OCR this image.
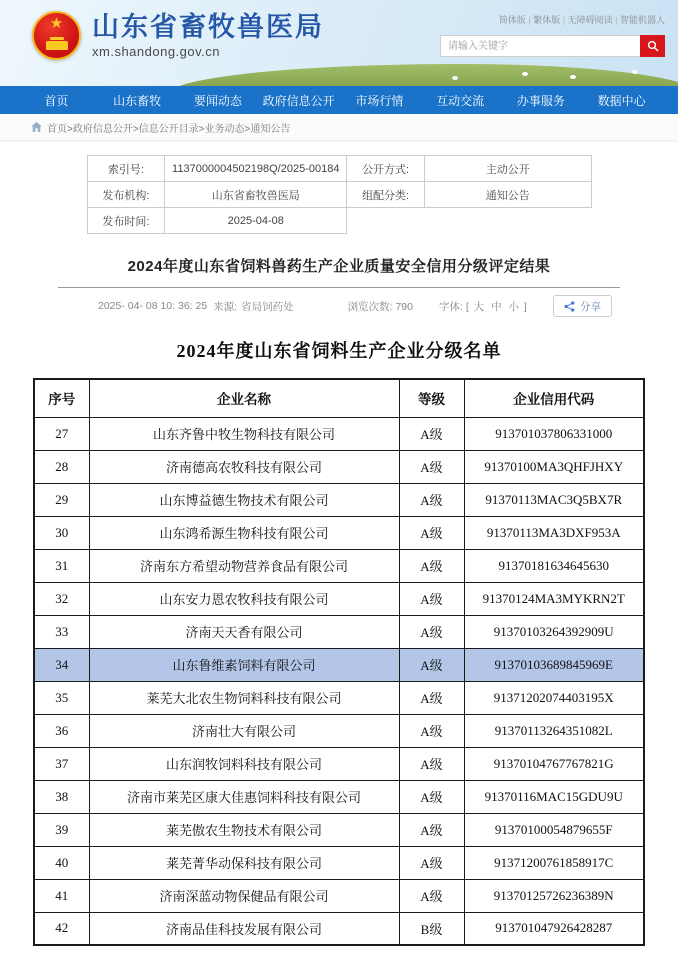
★ 山东省畜牧兽医局
xm.shandong.gov.cn
简体版 | 繁体版 | 无障碍阅读 | 智能机器人
请输入关键字
首页	山东畜牧	要闻动态	政府信息公开	市场行情	互动交流	办事服务	数据中心
首页>政府信息公开>信息公开目录>业务动态>通知公告
索引号:	1137000004502198Q/2025-00184	公开方式:	主动公开
发布机构:	山东省畜牧兽医局	组配分类:	通知公告
发布时间:	2025-04-08		
2024年度山东省饲料兽药生产企业质量安全信用分级评定结果
2025- 04- 08 10: 36: 25 来源: 省局饲药处	浏览次数: 790 字体: [ 大 中 小 ]	分享
2024年度山东省饲料生产企业分级名单
序号	企业名称	等级	企业信用代码
27	山东齐鲁中牧生物科技有限公司	A级	913701037806331000
28	济南德高农牧科技有限公司	A级	91370100MA3QHFJHXY
29	山东博益德生物技术有限公司	A级	91370113MAC3Q5BX7R
30	山东鸿希源生物科技有限公司	A级	91370113MA3DXF953A
31	济南东方希望动物营养食品有限公司	A级	91370181634645630
32	山东安力恩农牧科技有限公司	A级	91370124MA3MYKRN2T
33	济南天天香有限公司	A级	91370103264392909U
34	山东鲁维素饲料有限公司	A级	91370103689845969E
35	莱芜大北农生物饲料科技有限公司	A级	91371202074403195X
36	济南壮大有限公司	A级	91370113264351082L
37	山东润牧饲料科技有限公司	A级	91370104767767821G
38	济南市莱芜区康大佳惠饲料科技有限公司	A级	91370116MAC15GDU9U
39	莱芜傲农生物技术有限公司	A级	91370100054879655F
40	莱芜菁华动保科技有限公司	A级	91371200761858917C
41	济南深蓝动物保健品有限公司	A级	91370125726236389N
42	济南品佳科技发展有限公司	B级	913701047926428287
